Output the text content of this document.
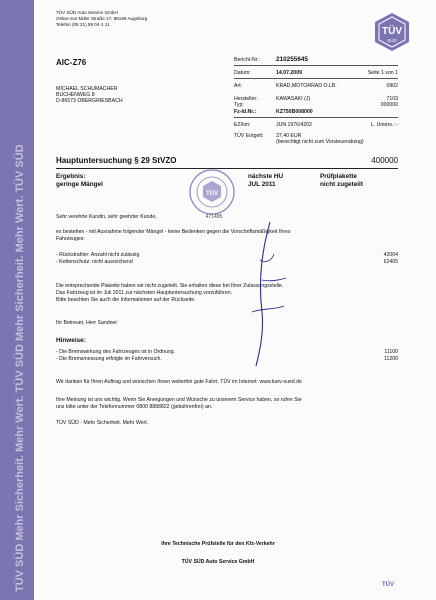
TÜV SÜD Mehr Sicherheit. Mehr Wert. TÜV SÜD Mehr Sicherheit. Mehr Wert. TÜV SÜD
TÜV SÜD Auto Service GmbH
Oskar-von-Miller Straße 17, 86199 Augsburg
Telefon (08 21) 59 04-1 11
TÜV
SÜD
AIC-Z76
MICHAEL SCHUMACHER
BUCHENWEG 8
D-86573 OBERGRIESBACH
Bericht-Nr.:	210255645
Datum:	14.07.2009	Seite 1 von 1
Art:	KRAD,MOTORRAD O.LB.	0902
Hersteller:	KAWASAKI (J)	7103
Typ:	000000
Fz-Id.Nr.:	KZ750B008000
EZ/km:	JUN 1976/4202	L. Unters.: -
TÜV Entgelt: 37,40 EUR
(berechtigt nicht zum Vorsteuerabzug)
Hauptuntersuchung § 29 StVZO	400000
Ergebnis:
geringe Mängel
nächste HU
JUL 2011
Prüfplakette
nicht zugeteilt
TÜV
471495
Sehr verehrte Kundin, sehr geehrter Kunde,
es bestehen - mit Ausnahme folgender Mängel - keine Bedenken gegen die Vorschriftsmäßigkeit Ihres
Fahrzeuges:
- Rückstrahler: Anzahl nicht zulässig	42004
- Kettenschutz: nicht ausreichend	62405
Die entsprechende Plakette haben wir nicht zugeteilt. Sie erhalten diese bei Ihrer Zulassungsstelle.
Das Fahrzeug ist im Juli 2011 zur nächsten Hauptuntersuchung vorzuführen.
Bitte beachten Sie auch die Informationen auf der Rückseite.
Ihr Betreuer, Herr Sandner
Hinweise:
- Die Bremswirkung des Fahrzeuges ist in Ordnung.	11100
- Die Bremsmessung erfolgte im Fahrversuch.	11200
Wir danken für Ihren Auftrag und wünschen Ihnen weiterhin gute Fahrt. TÜV im Internet: www.tuev-sued.de
Ihre Meinung ist uns wichtig. Wenn Sie Anregungen und Wünsche zu unserem Service haben, so rufen Sie
uns bitte unter der Telefonnummer 0800 8888822 (gebührenfrei) an.
TÜV SÜD - Mehr Sicherheit. Mehr Wert.
Ihre Technische Prüfstelle für den Kfz-Verkehr
TÜV SÜD Auto Service GmbH
TÜV
